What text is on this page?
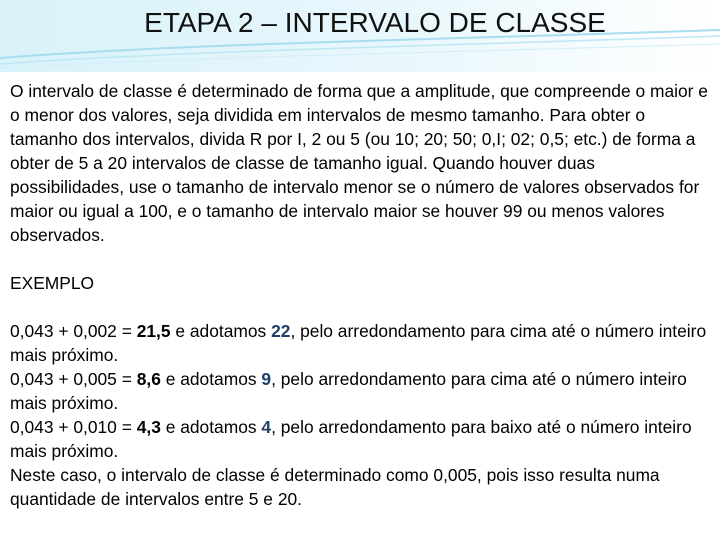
ETAPA 2 – INTERVALO DE CLASSE

O intervalo de classe é determinado de forma que a amplitude, que compreende o maior e o menor dos valores, seja dividida em intervalos de mesmo tamanho. Para obter o tamanho dos intervalos, divida R por I, 2 ou 5 (ou 10; 20; 50; 0,I; 02; 0,5; etc.) de forma a obter de 5 a 20 intervalos de classe de tamanho igual. Quando houver duas possibilidades, use o tamanho de intervalo menor se o número de valores observados for maior ou igual a 100, e o tamanho de intervalo maior se houver 99 ou menos valores observados.

EXEMPLO

0,043 + 0,002 = 21,5 e adotamos 22, pelo arredondamento para cima até o número inteiro mais próximo.
0,043 + 0,005 = 8,6 e adotamos 9, pelo arredondamento para cima até o número inteiro mais próximo.
0,043 + 0,010 = 4,3 e adotamos 4, pelo arredondamento para baixo até o número inteiro mais próximo.
Neste caso, o intervalo de classe é determinado como 0,005, pois isso resulta numa quantidade de intervalos entre 5 e 20.
